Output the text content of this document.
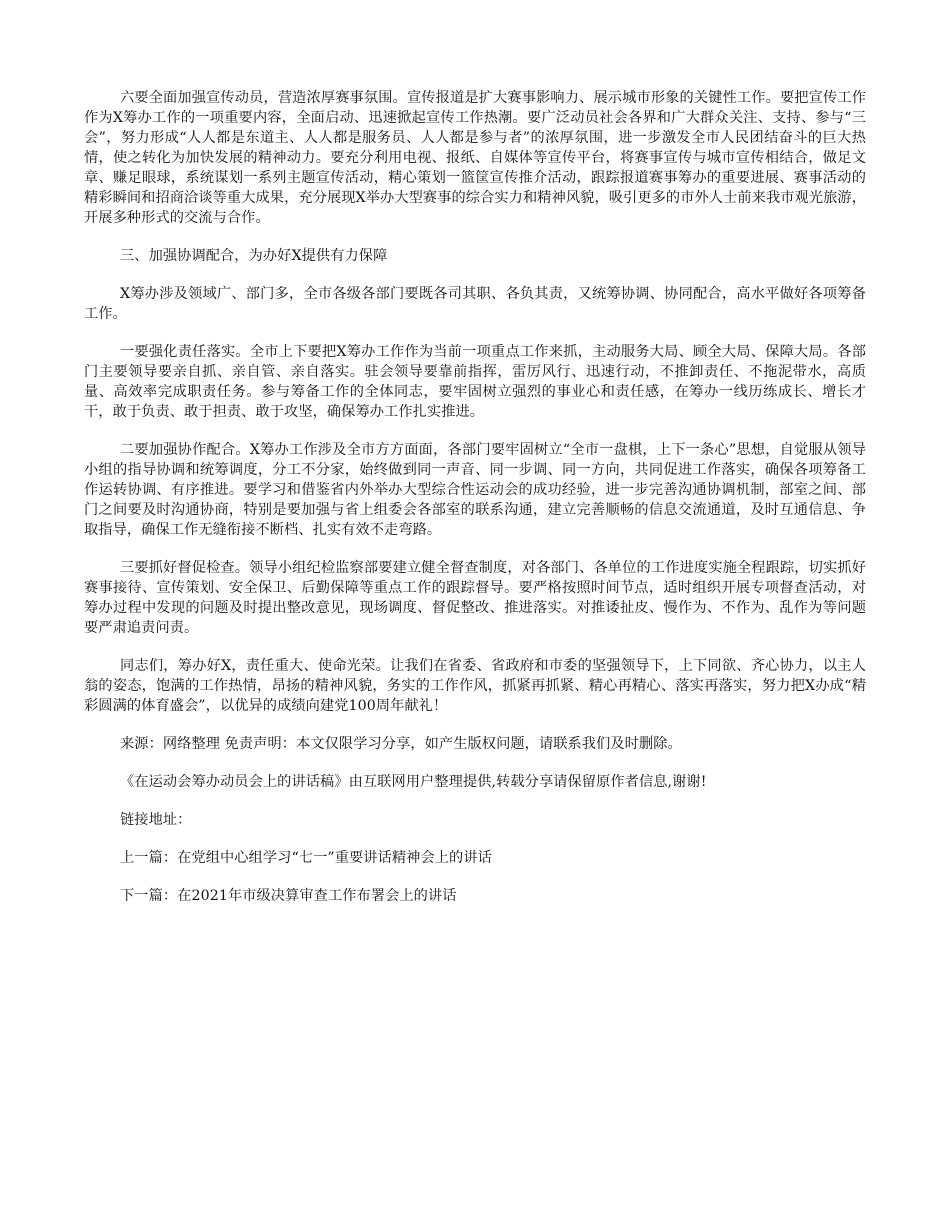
六要全面加强宣传动员，营造浓厚赛事氛围。宣传报道是扩大赛事影响力、展示城市形象的关键性工作。要把宣传工作作为X筹办工作的一项重要内容，全面启动、迅速掀起宣传工作热潮。要广泛动员社会各界和广大群众关注、支持、参与“三会”，努力形成“人人都是东道主、人人都是服务员、人人都是参与者”的浓厚氛围，进一步激发全市人民团结奋斗的巨大热情，使之转化为加快发展的精神动力。要充分利用电视、报纸、自媒体等宣传平台，将赛事宣传与城市宣传相结合，做足文章、赚足眼球，系统谋划一系列主题宣传活动，精心策划一篮筐宣传推介活动，跟踪报道赛事筹办的重要进展、赛事活动的精彩瞬间和招商洽谈等重大成果，充分展现X举办大型赛事的综合实力和精神风貌，吸引更多的市外人士前来我市观光旅游，开展多种形式的交流与合作。

三、加强协调配合，为办好X提供有力保障

X筹办涉及领域广、部门多，全市各级各部门要既各司其职、各负其责，又统筹协调、协同配合，高水平做好各项筹备工作。

一要强化责任落实。全市上下要把X筹办工作作为当前一项重点工作来抓，主动服务大局、顾全大局、保障大局。各部门主要领导要亲自抓、亲自管、亲自落实。驻会领导要靠前指挥，雷厉风行、迅速行动，不推卸责任、不拖泥带水，高质量、高效率完成职责任务。参与筹备工作的全体同志，要牢固树立强烈的事业心和责任感，在筹办一线历练成长、增长才干，敢于负责、敢于担责、敢于攻坚，确保筹办工作扎实推进。

二要加强协作配合。X筹办工作涉及全市方方面面，各部门要牢固树立“全市一盘棋，上下一条心”思想，自觉服从领导小组的指导协调和统筹调度，分工不分家，始终做到同一声音、同一步调、同一方向，共同促进工作落实，确保各项筹备工作运转协调、有序推进。要学习和借鉴省内外举办大型综合性运动会的成功经验，进一步完善沟通协调机制，部室之间、部门之间要及时沟通协商，特别是要加强与省上组委会各部室的联系沟通，建立完善顺畅的信息交流通道，及时互通信息、争取指导，确保工作无缝衔接不断档、扎实有效不走弯路。

三要抓好督促检查。领导小组纪检监察部要建立健全督查制度，对各部门、各单位的工作进度实施全程跟踪，切实抓好赛事接待、宣传策划、安全保卫、后勤保障等重点工作的跟踪督导。要严格按照时间节点，适时组织开展专项督查活动，对筹办过程中发现的问题及时提出整改意见，现场调度、督促整改、推进落实。对推诿扯皮、慢作为、不作为、乱作为等问题要严肃追责问责。

同志们，筹办好X，责任重大、使命光荣。让我们在省委、省政府和市委的坚强领导下，上下同欲、齐心协力，以主人翁的姿态，饱满的工作热情，昂扬的精神风貌，务实的工作作风，抓紧再抓紧、精心再精心、落实再落实，努力把X办成“精彩圆满的体育盛会”，以优异的成绩向建党100周年献礼！

来源：网络整理 免责声明：本文仅限学习分享，如产生版权问题，请联系我们及时删除。

《在运动会筹办动员会上的讲话稿》由互联网用户整理提供,转载分享请保留原作者信息,谢谢!

链接地址：

上一篇：在党组中心组学习“七一”重要讲话精神会上的讲话

下一篇：在2021年市级决算审查工作布署会上的讲话
